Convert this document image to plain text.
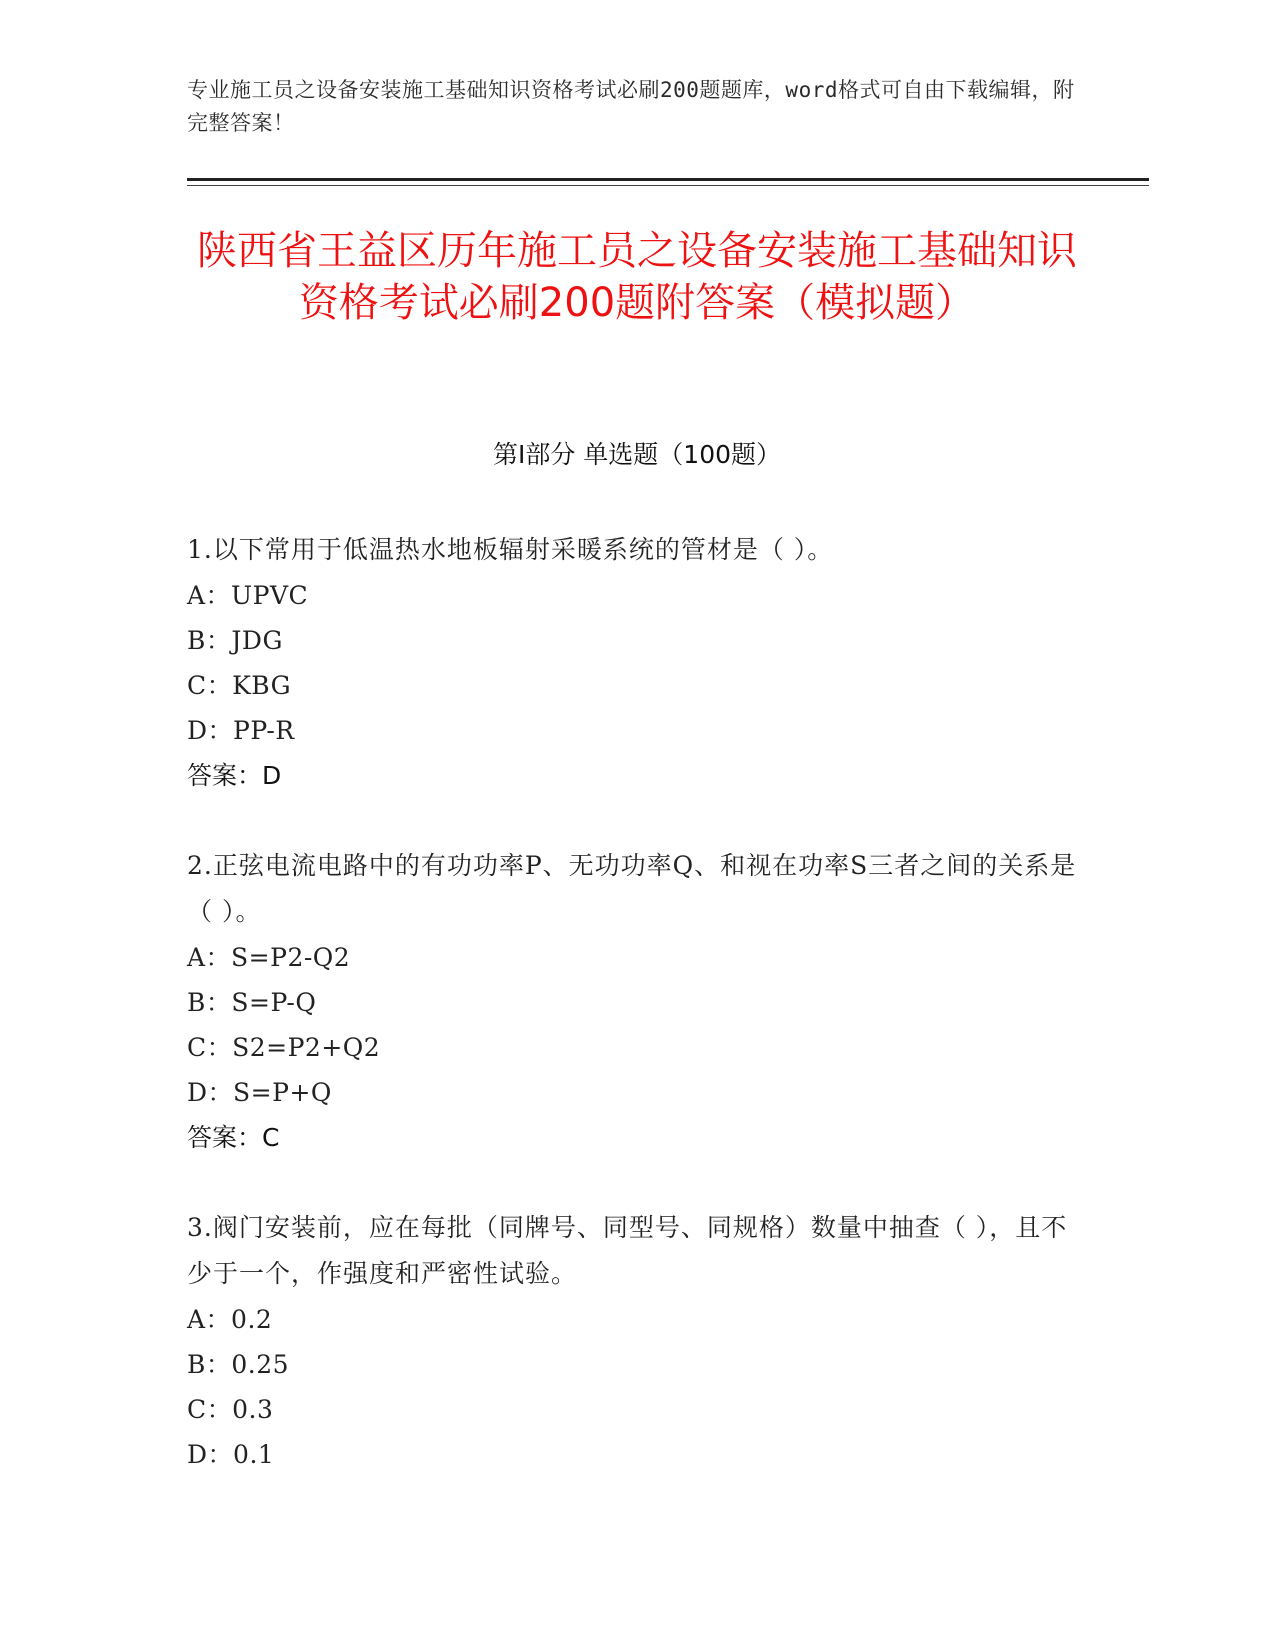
专业施工员之设备安装施工基础知识资格考试必刷200题题库，word格式可自由下载编辑，附完整答案！
陕西省王益区历年施工员之设备安装施工基础知识资格考试必刷200题附答案（模拟题）
第Ⅰ部分 单选题（100题）
1.以下常用于低温热水地板辐射采暖系统的管材是（ ）。
A：UPVC
B：JDG
C：KBG
D：PP-R
答案：D
2.正弦电流电路中的有功功率P、无功功率Q、和视在功率S三者之间的关系是（ ）。
A：S=P2-Q2
B：S=P-Q
C：S2=P2+Q2
D：S=P+Q
答案：C
3.阀门安装前，应在每批（同牌号、同型号、同规格）数量中抽查（ ），且不少于一个，作强度和严密性试验。
A：0.2
B：0.25
C：0.3
D：0.1
